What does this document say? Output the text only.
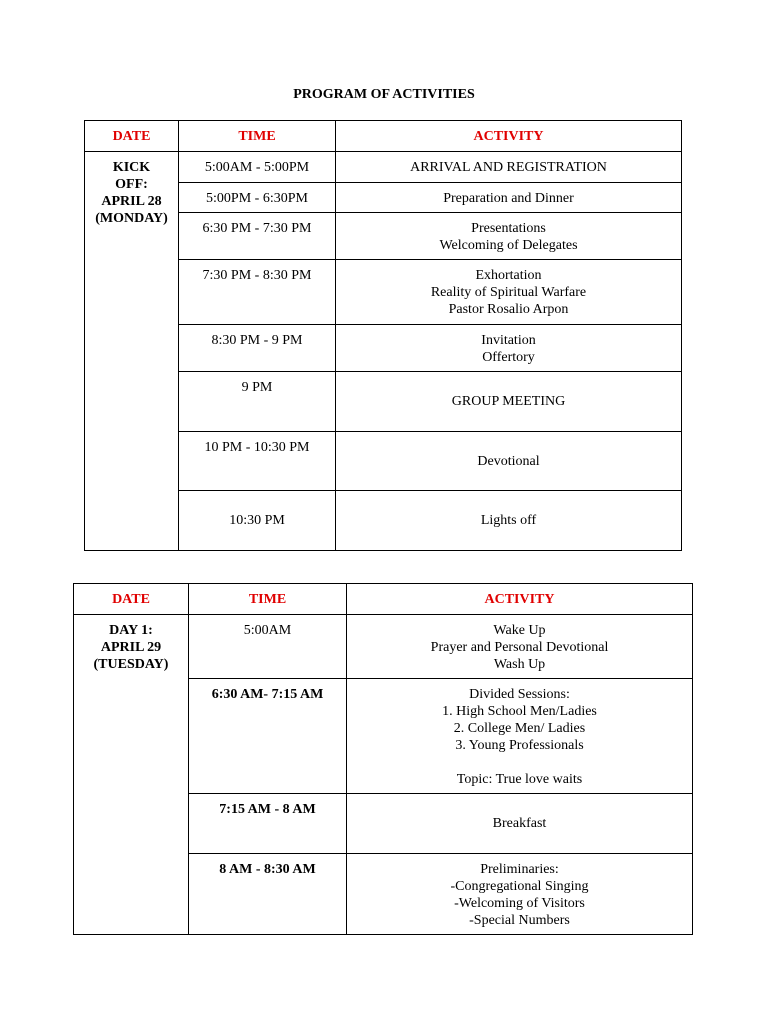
PROGRAM OF ACTIVITIES
DATE	TIME	ACTIVITY

KICK
OFF:
APRIL 28
(MONDAY)	5:00AM - 5:00PM	ARRIVAL AND REGISTRATION

	5:00PM - 6:30PM	Preparation and Dinner

	6:30 PM - 7:30 PM	Presentations
Welcoming of Delegates

	7:30 PM - 8:30 PM	Exhortation
Reality of Spiritual Warfare
Pastor Rosalio Arpon

	8:30 PM - 9 PM	Invitation
Offertory

	9 PM	GROUP MEETING

	10 PM - 10:30 PM	Devotional

	10:30 PM	Lights off
DATE	TIME	ACTIVITY

DAY 1:
APRIL 29
(TUESDAY)	5:00AM	Wake Up
Prayer and Personal Devotional
Wash Up

	6:30 AM- 7:15 AM	Divided Sessions:
1. High School Men/Ladies
2. College Men/ Ladies
3. Young Professionals
Topic: True love waits

	7:15 AM - 8 AM	Breakfast

	8 AM - 8:30 AM	Preliminaries:
-Congregational Singing
-Welcoming of Visitors
-Special Numbers
